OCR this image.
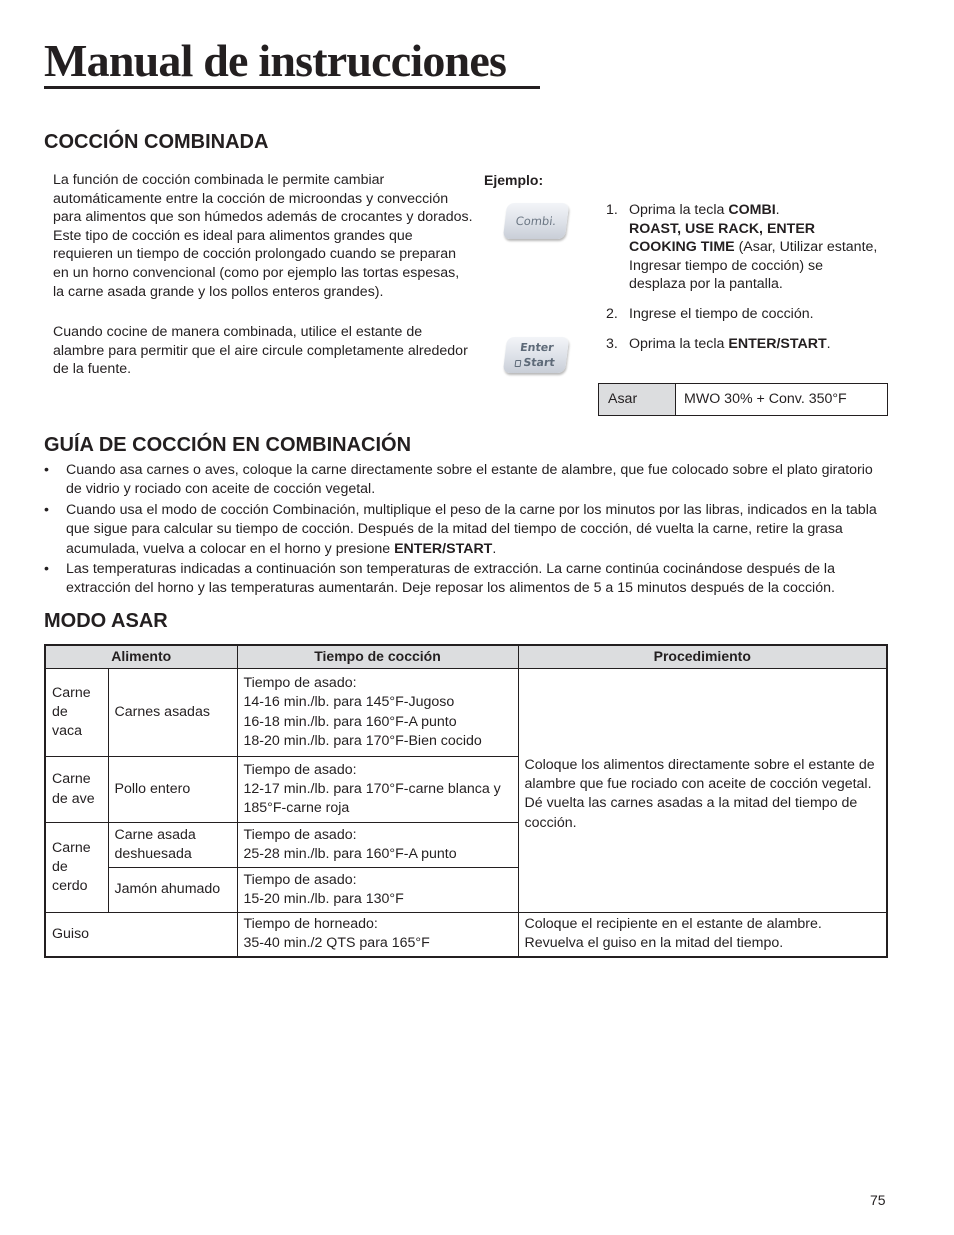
Manual de instrucciones
COCCIÓN COMBINADA

La función de cocción combinada le permite cambiar automáticamente entre la cocción de microondas y convección para alimentos que son húmedos además de crocantes y dorados. Este tipo de cocción es ideal para alimentos grandes que requieren un tiempo de cocción prolongado cuando se preparan en un horno convencional (como por ejemplo las tortas espesas, la carne asada grande y los pollos enteros grandes).

Cuando cocine de manera combinada, utilice el estante de alambre para permitir que el aire circule completamente alrededor de la fuente.

Ejemplo:
Combi.
Enter
Start
1. Oprima la tecla COMBI.
ROAST, USE RACK, ENTER COOKING TIME (Asar, Utilizar estante, Ingresar tiempo de cocción) se desplaza por la pantalla.
2. Ingrese el tiempo de cocción.
3. Oprima la tecla ENTER/START.
Asar	MWO 30% + Conv. 350°F
GUÍA DE COCCIÓN EN COMBINACIÓN
• Cuando asa carnes o aves, coloque la carne directamente sobre el estante de alambre, que fue colocado sobre el plato giratorio de vidrio y rociado con aceite de cocción vegetal.
• Cuando usa el modo de cocción Combinación, multiplique el peso de la carne por los minutos por las libras, indicados en la tabla que sigue para calcular su tiempo de cocción. Después de la mitad del tiempo de cocción, dé vuelta la carne, retire la grasa acumulada, vuelva a colocar en el horno y presione ENTER/START.
• Las temperaturas indicadas a continuación son temperaturas de extracción. La carne continúa cocinándose después de la extracción del horno y las temperaturas aumentarán. Deje reposar los alimentos de 5 a 15 minutos después de la cocción.
MODO ASAR
Alimento		Tiempo de cocción	Procedimiento
Carne de vaca	Carnes asadas	Tiempo de asado:
14-16 min./lb. para 145°F-Jugoso
16-18 min./lb. para 160°F-A punto
18-20 min./lb. para 170°F-Bien cocido	Coloque los alimentos directamente sobre el estante de alambre que fue rociado con aceite de cocción vegetal.
Dé vuelta las carnes asadas a la mitad del tiempo de cocción.

Carne de ave	Pollo entero	Tiempo de asado:
12-17 min./lb. para 170°F-carne blanca y 185°F-carne roja	

Carne de cerdo	Carne asada deshuesada	Tiempo de asado:
25-28 min./lb. para 160°F-A punto	

	Jamón ahumado	Tiempo de asado:
15-20 min./lb. para 130°F	

Guiso		Tiempo de horneado:
35-40 min./2 QTS para 165°F	Coloque el recipiente en el estante de alambre.
Revuelva el guiso en la mitad del tiempo.
75
